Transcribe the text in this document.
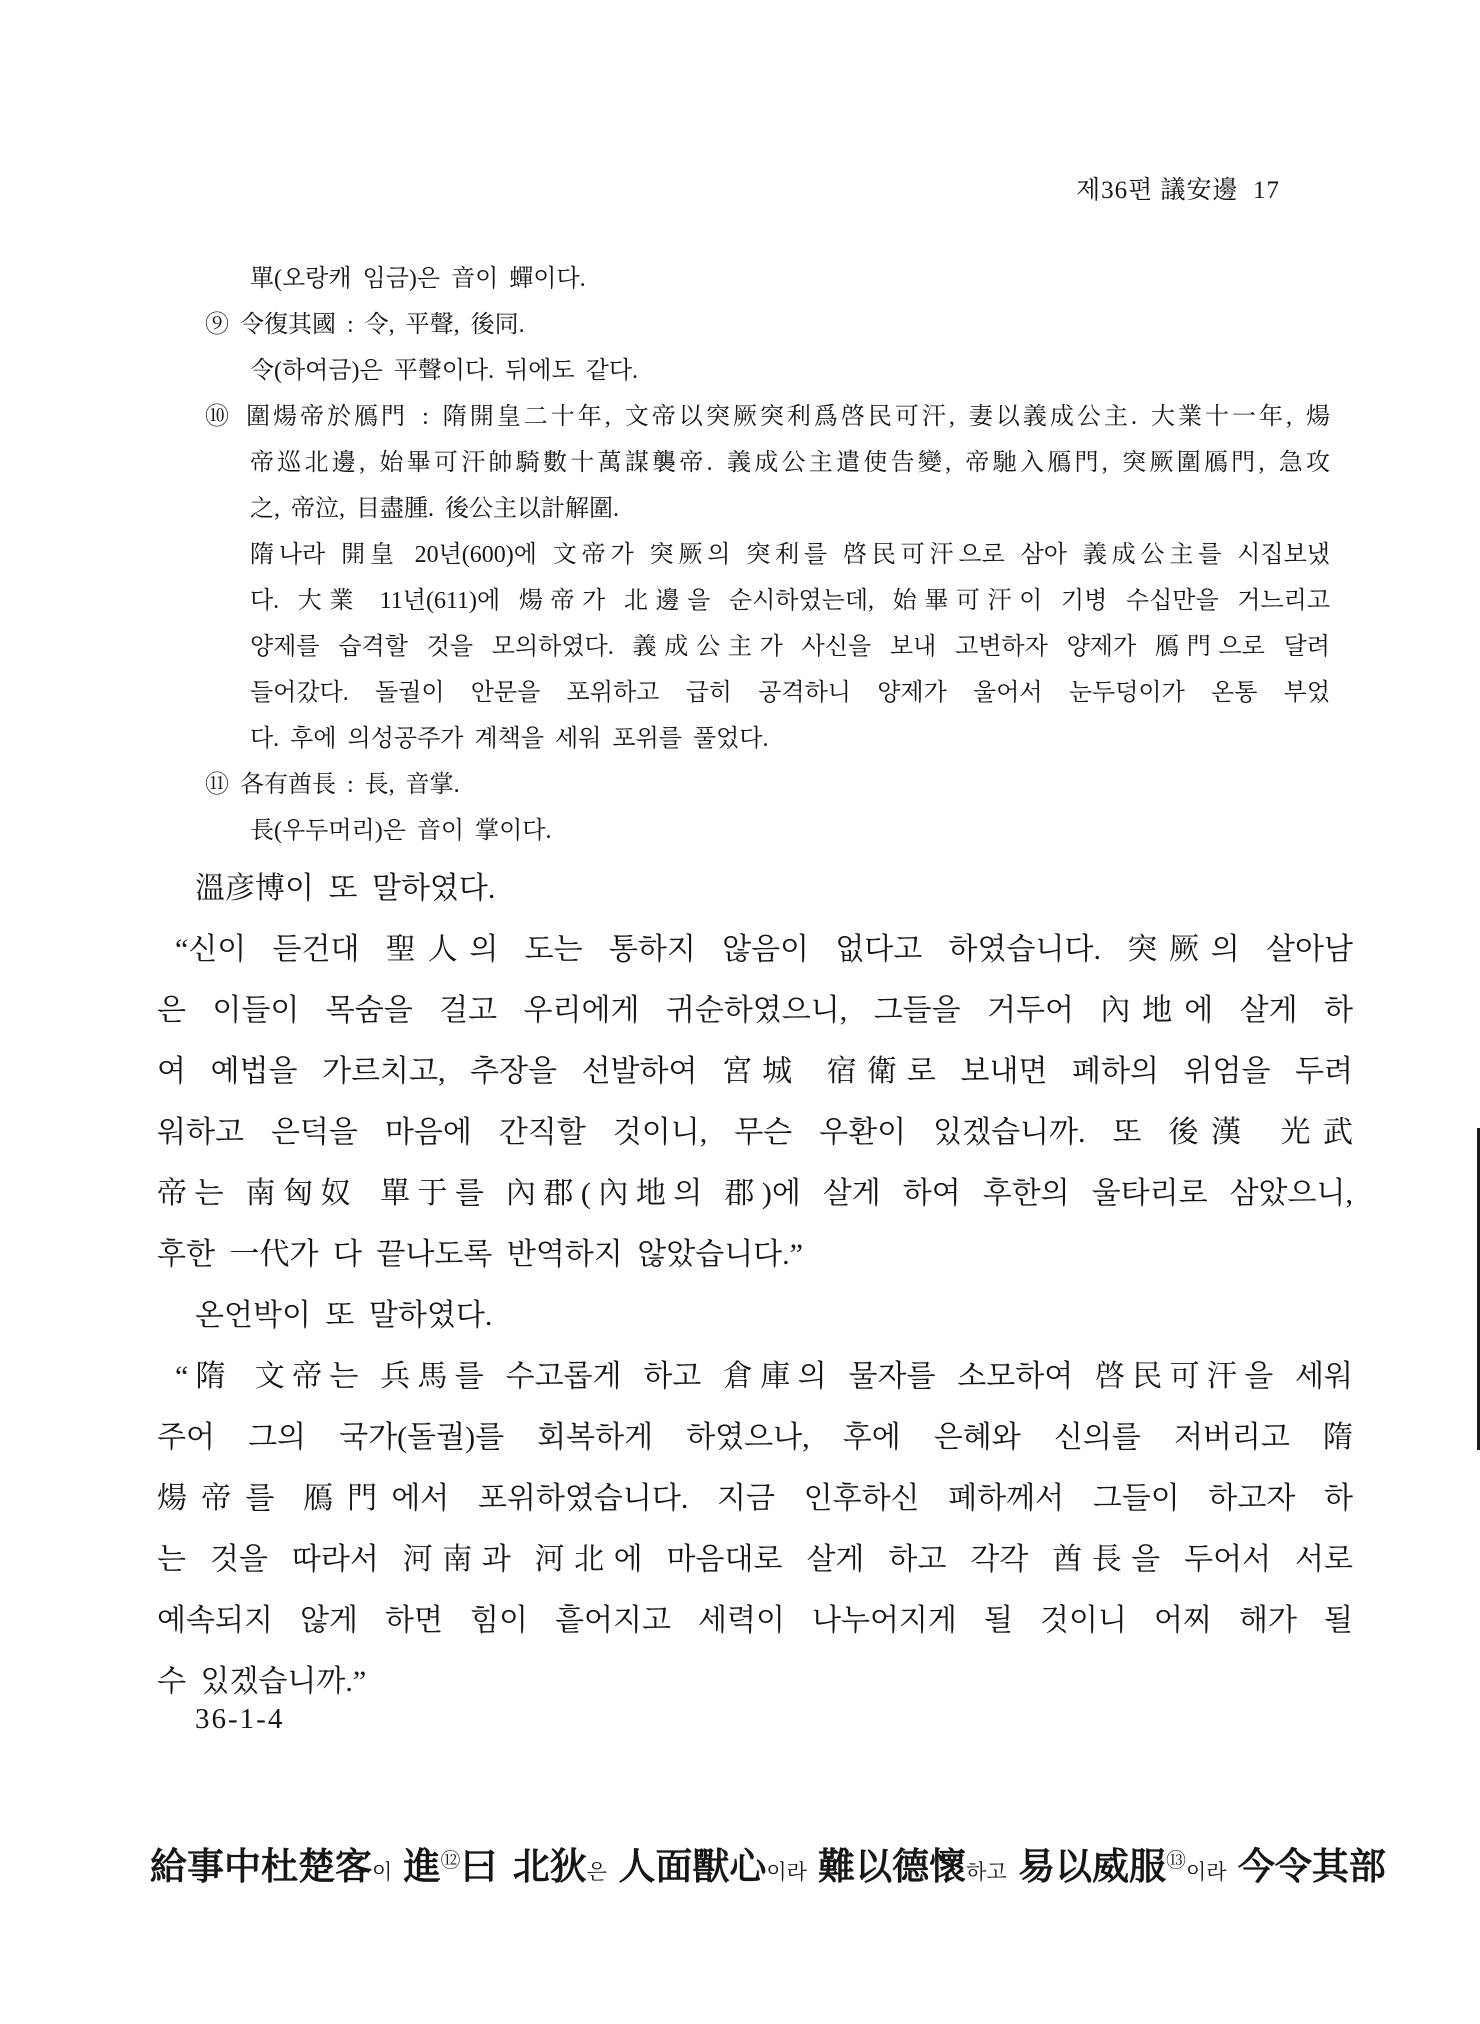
제36편 議安邊  17
單(오랑캐 임금)은 音이 蟬이다.
⑨ 令復其國 : 令, 平聲, 後同.
令(하여금)은 平聲이다. 뒤에도 같다.
⑩ 圍煬帝於鴈門 : 隋開皇二十年, 文帝以突厥突利爲啓民可汗, 妻以義成公主. 大業十一年, 煬
帝巡北邊, 始畢可汗帥騎數十萬謀襲帝. 義成公主遣使告變, 帝馳入鴈門, 突厥圍鴈門, 急攻
之, 帝泣, 目盡腫. 後公主以計解圍.
隋나라 開皇 20년(600)에 文帝가 突厥의 突利를 啓民可汗으로 삼아 義成公主를 시집보냈
다. 大業 11년(611)에 煬帝가 北邊을 순시하였는데, 始畢可汗이 기병 수십만을 거느리고
양제를 습격할 것을 모의하였다. 義成公主가 사신을 보내 고변하자 양제가 鴈門으로 달려
들어갔다. 돌궐이 안문을 포위하고 급히 공격하니 양제가 울어서 눈두덩이가 온통 부었
다. 후에 의성공주가 계책을 세워 포위를 풀었다.
⑪ 各有酋長 : 長, 音掌.
長(우두머리)은 音이 掌이다.
溫彦博이 또 말하였다.
“신이 듣건대 聖人의 도는 통하지 않음이 없다고 하였습니다. 突厥의 살아남
은 이들이 목숨을 걸고 우리에게 귀순하였으니, 그들을 거두어 內地에 살게 하
여 예법을 가르치고, 추장을 선발하여 宮城 宿衛로 보내면 폐하의 위엄을 두려
워하고 은덕을 마음에 간직할 것이니, 무슨 우환이 있겠습니까. 또 後漢 光武
帝는 南匈奴 單于를 內郡(內地의 郡)에 살게 하여 후한의 울타리로 삼았으니,
후한 一代가 다 끝나도록 반역하지 않았습니다.”
온언박이 또 말하였다.
“隋 文帝는 兵馬를 수고롭게 하고 倉庫의 물자를 소모하여 啓民可汗을 세워
주어 그의 국가(돌궐)를 회복하게 하였으나, 후에 은혜와 신의를 저버리고 隋
煬帝를 鴈門에서 포위하였습니다. 지금 인후하신 폐하께서 그들이 하고자 하
는 것을 따라서 河南과 河北에 마음대로 살게 하고 각각 酋長을 두어서 서로
예속되지 않게 하면 힘이 흩어지고 세력이 나누어지게 될 것이니 어찌 해가 될
수 있겠습니까.”
36-1-4
給事中杜楚客이 進⑫曰 北狄은 人面獸心이라 難以德懷하고 易以威服⑬이라 今令其部
